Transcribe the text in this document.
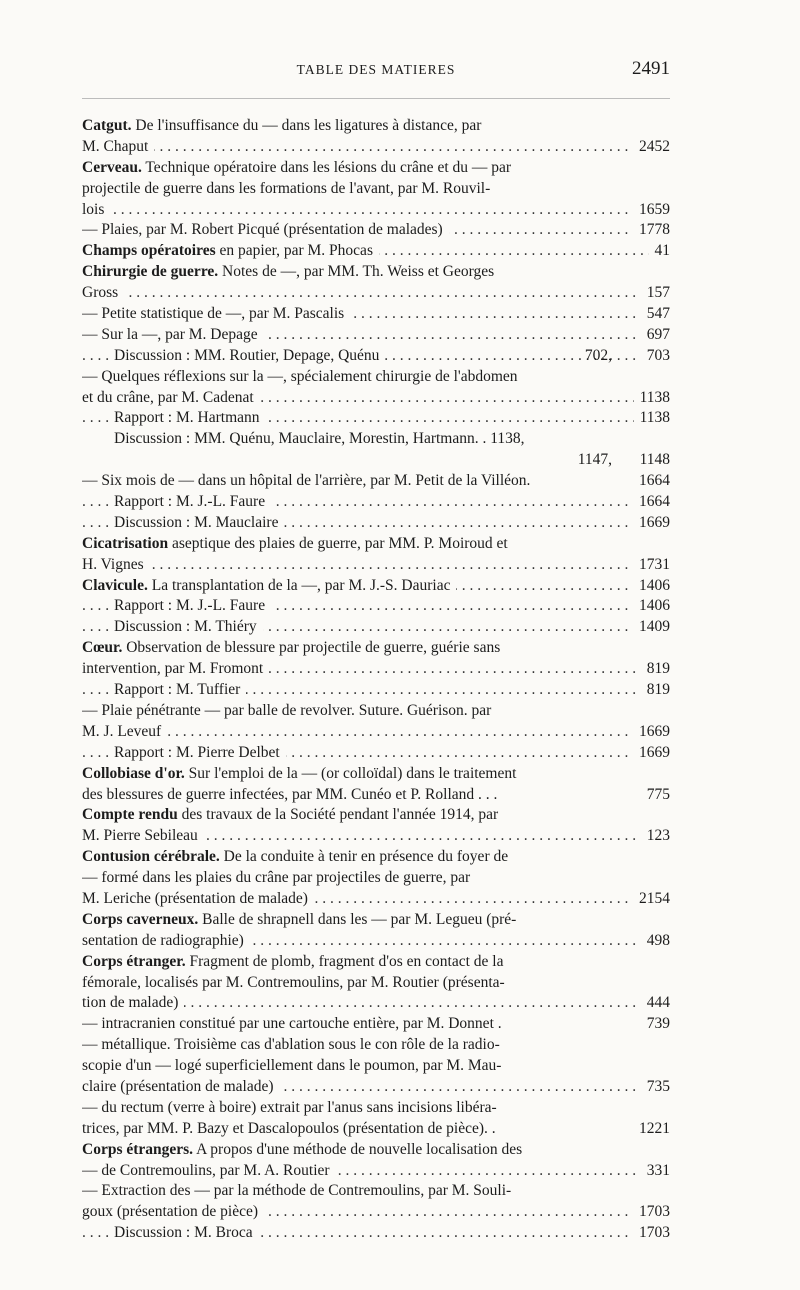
TABLE DES MATIERES	2491
Catgut. De l'insuffisance du — dans les ligatures à distance, par
. . . M. Chaput	2452
Cerveau. Technique opératoire dans les lésions du crâne et du — par
projectile de guerre dans les formations de l'avant, par M. Rouvil-
. . . lois	1659
. . . — Plaies, par M. Robert Picqué (présentation de malades)	1778
. . . Champs opératoires en papier, par M. Phocas	41
Chirurgie de guerre. Notes de —, par MM. Th. Weiss et Georges
. . . Gross	157
. . . — Petite statistique de —, par M. Pascalis	547
. . . — Sur la —, par M. Depage	697
. . . Discussion : MM. Routier, Depage, Quénu	702,	703
— Quelques réflexions sur la —, spécialement chirurgie de l'abdomen
. . . et du crâne, par M. Cadenat	1138
. . . Rapport : M. Hartmann	1138
Discussion : MM. Quénu, Mauclaire, Morestin, Hartmann. . 1138,
1147,	1148
— Six mois de — dans un hôpital de l'arrière, par M. Petit de la Villéon.	1664
. . . Rapport : M. J.-L. Faure	1664
. . . Discussion : M. Mauclaire	1669
Cicatrisation aseptique des plaies de guerre, par MM. P. Moiroud et
. . . H. Vignes	1731
. . . Clavicule. La transplantation de la —, par M. J.-S. Dauriac	1406
. . . Rapport : M. J.-L. Faure	1406
. . . Discussion : M. Thiéry	1409
Cœur. Observation de blessure par projectile de guerre, guérie sans
. . . intervention, par M. Fromont	819
. . . Rapport : M. Tuffier	819
— Plaie pénétrante — par balle de revolver. Suture. Guérison. par
. . . M. J. Leveuf	1669
. . . Rapport : M. Pierre Delbet	1669
Collobiase d'or. Sur l'emploi de la — (or colloïdal) dans le traitement
des blessures de guerre infectées, par MM. Cunéo et P. Rolland . . .	775
Compte rendu des travaux de la Société pendant l'année 1914, par
. . . M. Pierre Sebileau	123
Contusion cérébrale. De la conduite à tenir en présence du foyer de
— formé dans les plaies du crâne par projectiles de guerre, par
. . . M. Leriche (présentation de malade)	2154
Corps caverneux. Balle de shrapnell dans les — par M. Legueu (pré-
. . . sentation de radiographie)	498
Corps étranger. Fragment de plomb, fragment d'os en contact de la
fémorale, localisés par M. Contremoulins, par M. Routier (présenta-
. . . tion de malade)	444
— intracranien constitué par une cartouche entière, par M. Donnet .	739
— métallique. Troisième cas d'ablation sous le con rôle de la radio-
scopie d'un — logé superficiellement dans le poumon, par M. Mau-
. . . claire (présentation de malade)	735
— du rectum (verre à boire) extrait par l'anus sans incisions libéra-
trices, par MM. P. Bazy et Dascalopoulos (présentation de pièce). .	1221
Corps étrangers. A propos d'une méthode de nouvelle localisation des
. . . — de Contremoulins, par M. A. Routier	331
— Extraction des — par la méthode de Contremoulins, par M. Souli-
. . . goux (présentation de pièce)	1703
. . . Discussion : M. Broca	1703
